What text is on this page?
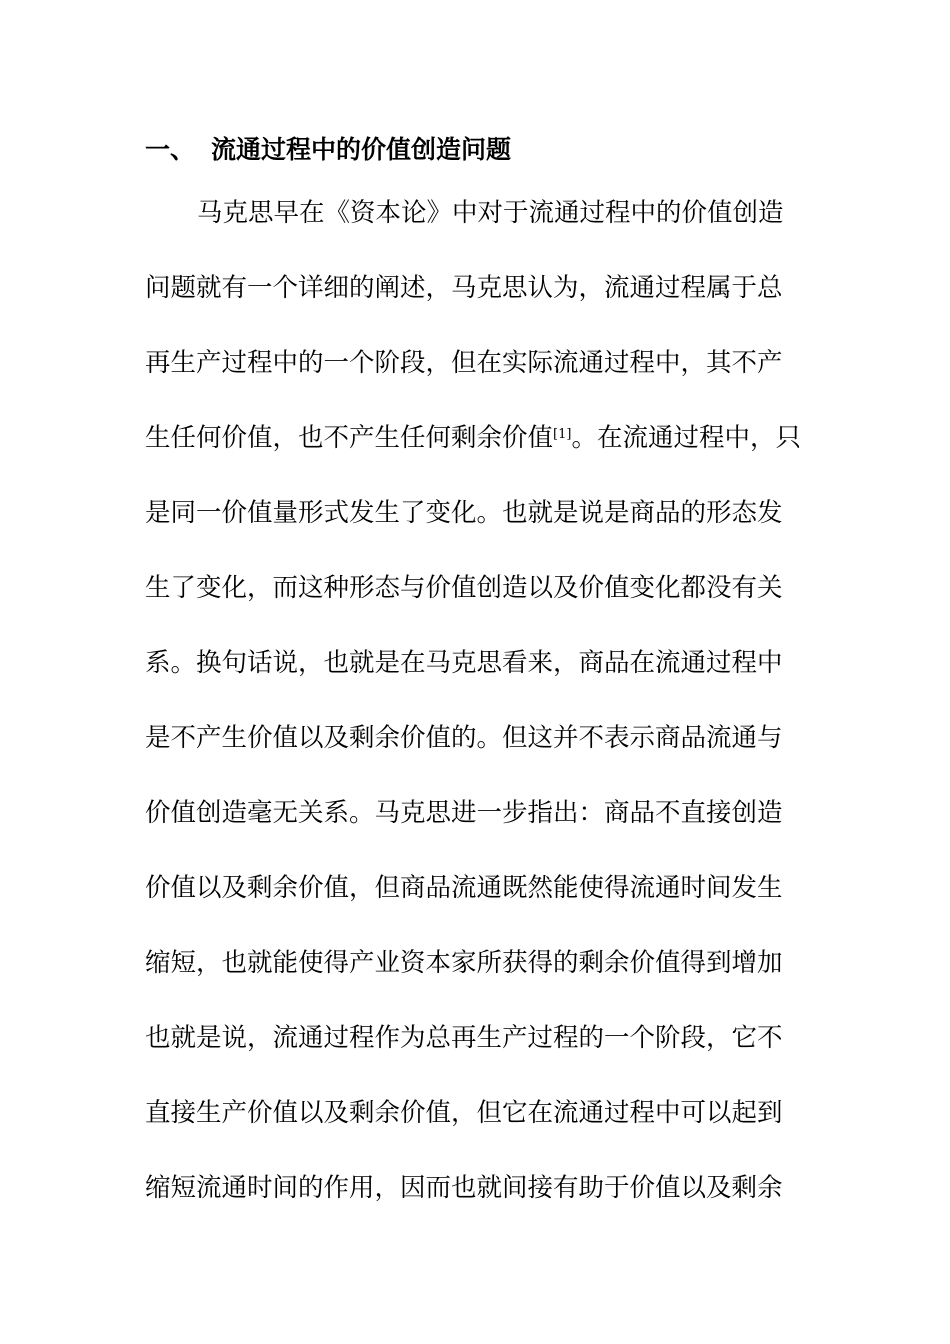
一、 流通过程中的价值创造问题
马克思早在《资本论》中对于流通过程中的价值创造
问题就有一个详细的阐述，马克思认为，流通过程属于总
再生产过程中的一个阶段，但在实际流通过程中，其不产
生任何价值，也不产生任何剩余价值[1]。在流通过程中，只
是同一价值量形式发生了变化。也就是说是商品的形态发
生了变化，而这种形态与价值创造以及价值变化都没有关
系。换句话说，也就是在马克思看来，商品在流通过程中
是不产生价值以及剩余价值的。但这并不表示商品流通与
价值创造毫无关系。马克思进一步指出：商品不直接创造
价值以及剩余价值，但商品流通既然能使得流通时间发生
缩短，也就能使得产业资本家所获得的剩余价值得到增加
也就是说，流通过程作为总再生产过程的一个阶段，它不
直接生产价值以及剩余价值，但它在流通过程中可以起到
缩短流通时间的作用，因而也就间接有助于价值以及剩余
